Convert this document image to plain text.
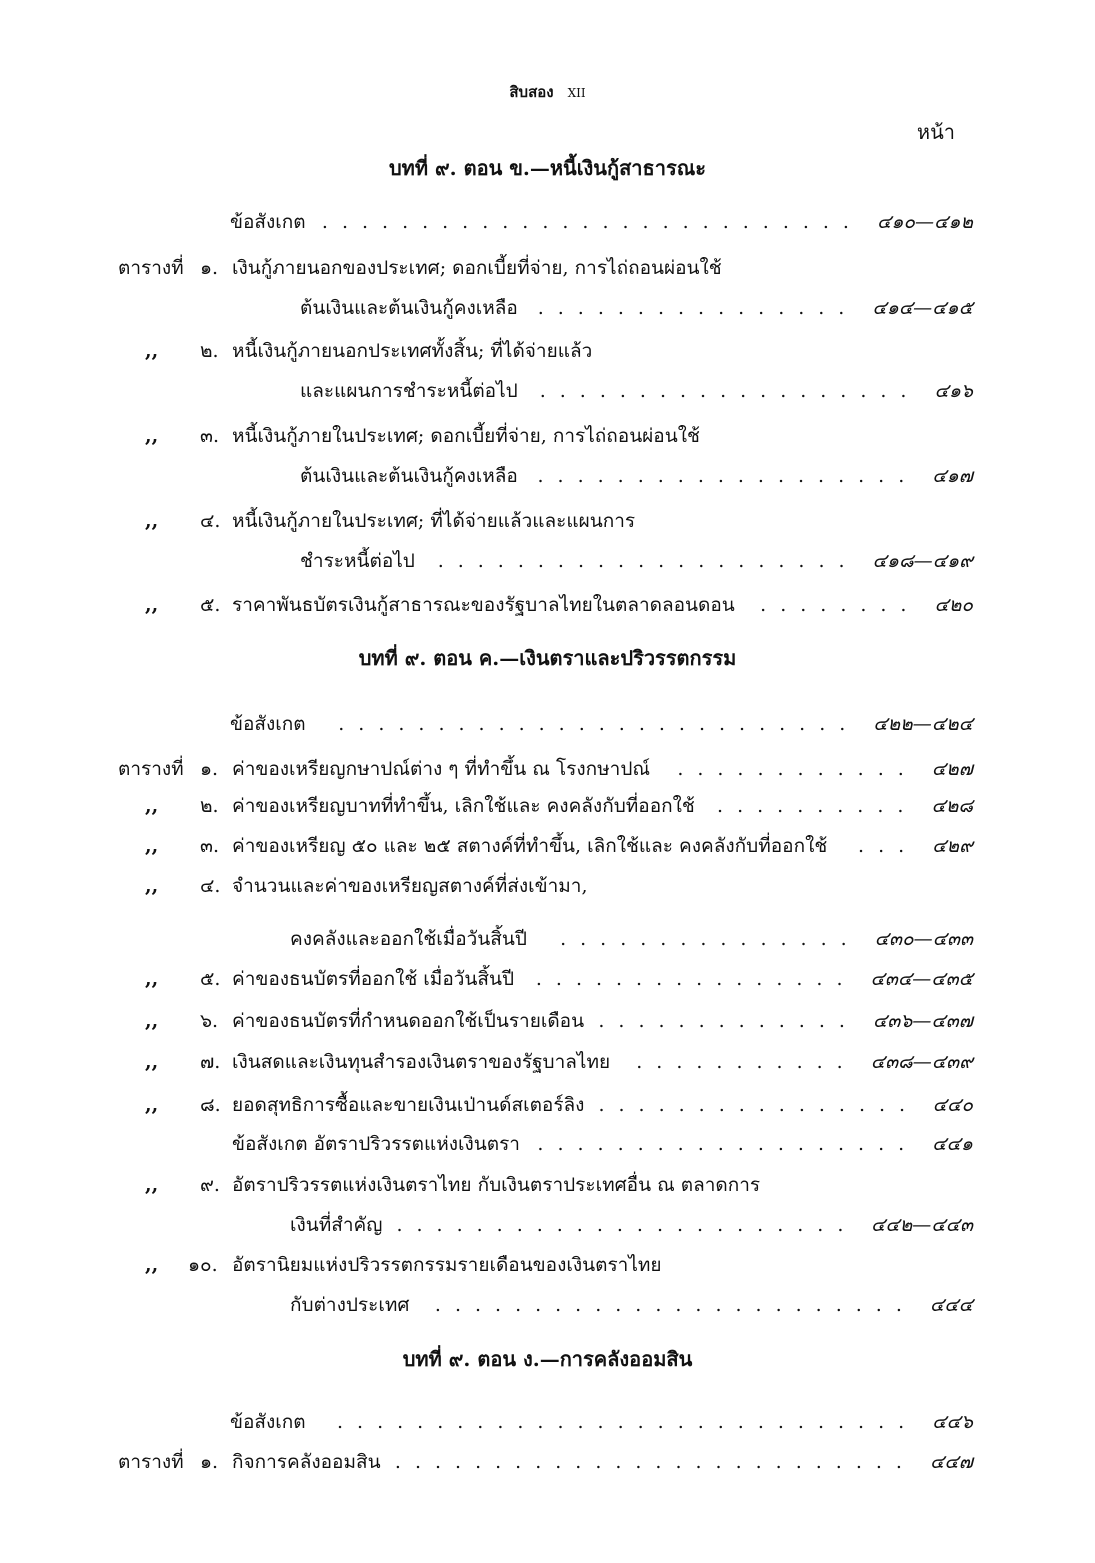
สิบสอง XII
หน้า
บทที่ ๙. ตอน ข.—หนี้เงินกู้สาธารณะ
ข้อสังเกต	๔๑๐—๔๑๒
...........................
ตารางที่ ๑. เงินกู้ภายนอกของประเทศ; ดอกเบี้ยที่จ่าย, การไถ่ถอนผ่อนใช้
ต้นเงินและต้นเงินกู้คงเหลือ	๔๑๔—๔๑๕
................
,, ๒. หนี้เงินกู้ภายนอกประเทศทั้งสิ้น; ที่ได้จ่ายแล้ว
และแผนการชำระหนี้ต่อไป	๔๑๖
...................
,, ๓. หนี้เงินกู้ภายในประเทศ; ดอกเบี้ยที่จ่าย, การไถ่ถอนผ่อนใช้
ต้นเงินและต้นเงินกู้คงเหลือ	๔๑๗
...................
,, ๔. หนี้เงินกู้ภายในประเทศ; ที่ได้จ่ายแล้วและแผนการ
ชำระหนี้ต่อไป	๔๑๘—๔๑๙
.....................
,, ๕. ราคาพันธบัตรเงินกู้สาธารณะของรัฐบาลไทยในตลาดลอนดอน	๔๒๐
........
บทที่ ๙. ตอน ค.—เงินตราและปริวรรตกรรม
ข้อสังเกต	๔๒๒—๔๒๔
..........................
ตารางที่ ๑. ค่าของเหรียญกษาปณ์ต่าง ๆ ที่ทำขึ้น ณ โรงกษาปณ์	๔๒๗
............
,, ๒. ค่าของเหรียญบาทที่ทำขึ้น, เลิกใช้และ คงคลังกับที่ออกใช้	๔๒๘
..........
,, ๓. ค่าของเหรียญ ๕๐ และ ๒๕ สตางค์ที่ทำขึ้น, เลิกใช้และ คงคลังกับที่ออกใช้	๔๒๙
...
,, ๔. จำนวนและค่าของเหรียญสตางค์ที่ส่งเข้ามา,
คงคลังและออกใช้เมื่อวันสิ้นปี	๔๓๐—๔๓๓
...............
,, ๕. ค่าของธนบัตรที่ออกใช้ เมื่อวันสิ้นปี	๔๓๔—๔๓๕
................
,, ๖. ค่าของธนบัตรที่กำหนดออกใช้เป็นรายเดือน	๔๓๖—๔๓๗
.............
,, ๗. เงินสดและเงินทุนสำรองเงินตราของรัฐบาลไทย	๔๓๘—๔๓๙
...........
,, ๘. ยอดสุทธิการซื้อและขายเงินเป่านด์สเตอร์ลิง	๔๔๐
................
ข้อสังเกต อัตราปริวรรตแห่งเงินตรา	๔๔๑
...................
,, ๙. อัตราปริวรรตแห่งเงินตราไทย กับเงินตราประเทศอื่น ณ ตลาดการ
เงินที่สำคัญ	๔๔๒—๔๔๓
.......................
,, ๑๐. อัตรานิยมแห่งปริวรรตกรรมรายเดือนของเงินตราไทย
กับต่างประเทศ	๔๔๔
........................
บทที่ ๙. ตอน ง.—การคลังออมสิน
ข้อสังเกต	๔๔๖
.............................
ตารางที่ ๑. กิจการคลังออมสิน	๔๔๗
..........................
